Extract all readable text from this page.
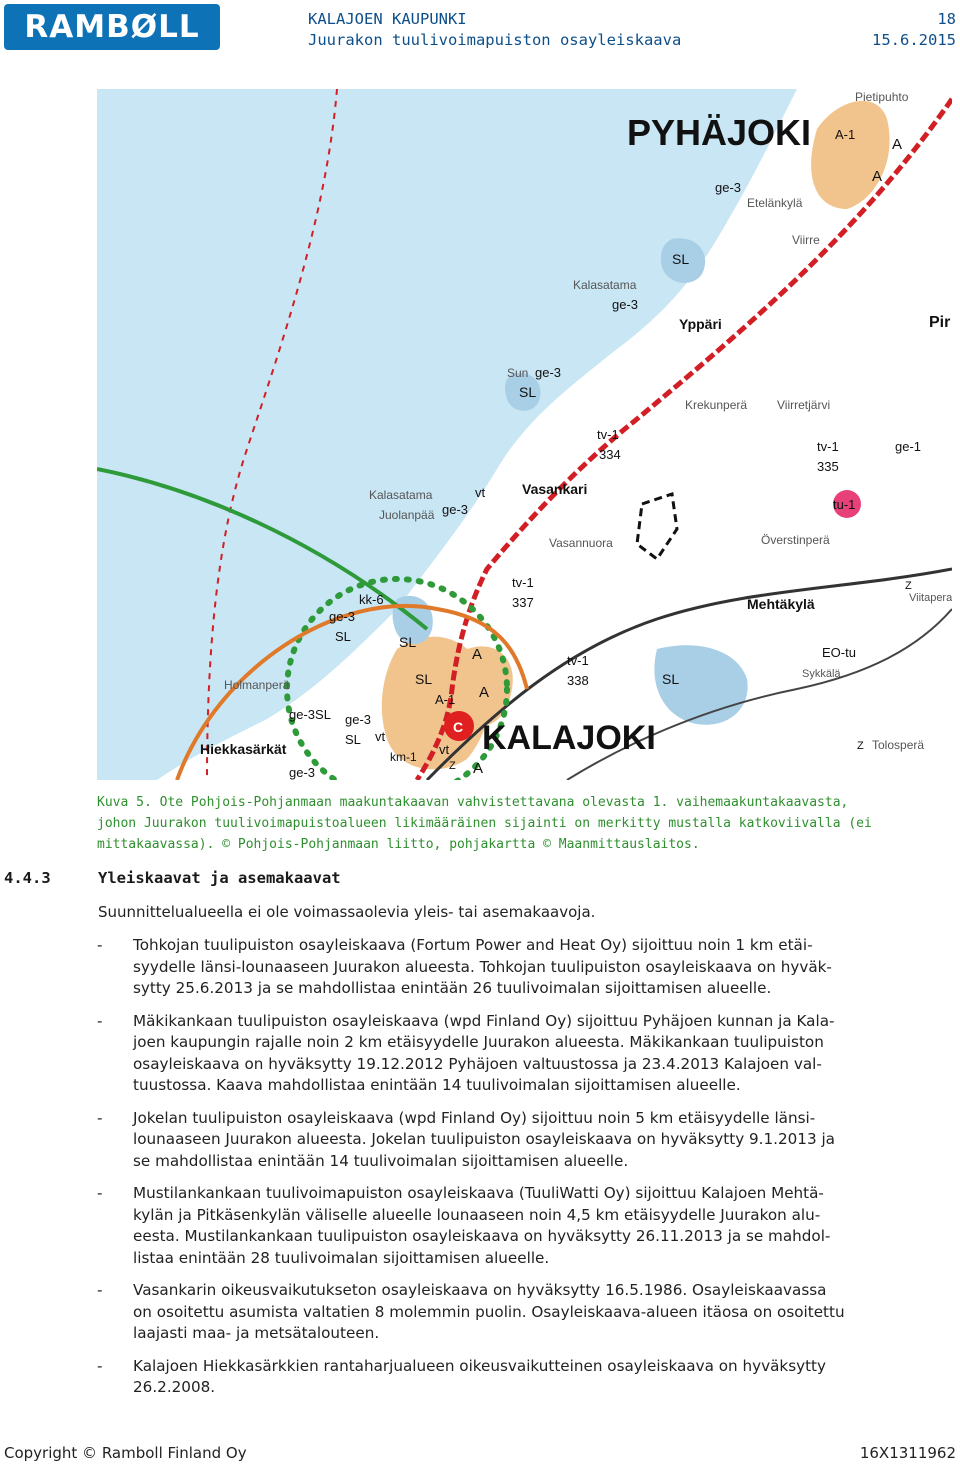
RAMBØLL	KALAJOEN KAUPUNKI
Juurakon tuulivoimapuiston osayleiskaava
18
15.6.2015
PYHÄJOKI
KALAJOKI
Pietipuhto
A-1
A
A
ge-3
Etelänkylä
Viirre
SL
Kalasatama
ge-3
Yppäri	Pir
Sun ge-3
SL
Krekunperä Viirretjärvi
tv-1
334
tv-1
335
ge-1
Kalasatama
Juolanpää ge-3
vt	Vasankari
tu-1
Vasannuora	Överstinperä
tv-1
337	Mehtäkylä	Viitapera
kk-6
ge-3
SL	SL
A	tv-1
338	SL
EO-tu
Sykkälä
Holmanperä	SL
A-1 A
ge-3SL ge-3
SL
C
vt
Hiekkasärkät	km-1 vt
Z A
ge-3
Tolosperä
Z
Z
Kuva 5. Ote Pohjois-Pohjanmaan maakuntakaavan vahvistettavana olevasta 1. vaihemaakuntakaavasta,
johon Juurakon tuulivoimapuistoalueen likimääräinen sijainti on merkitty mustalla katkoviivalla (ei
mittakaavassa). © Pohjois-Pohjanmaan liitto, pohjakartta © Maanmittauslaitos.
4.4.3	Yleiskaavat ja asemakaavat
Suunnittelualueella ei ole voimassaolevia yleis- tai asemakaavoja.
- Tohkojan tuulipuiston osayleiskaava (Fortum Power and Heat Oy) sijoittuu noin 1 km etäi-
syydelle länsi-lounaaseen Juurakon alueesta. Tohkojan tuulipuiston osayleiskaava on hyväk-
sytty 25.6.2013 ja se mahdollistaa enintään 26 tuulivoimalan sijoittamisen alueelle.
- Mäkikankaan tuulipuiston osayleiskaava (wpd Finland Oy) sijoittuu Pyhäjoen kunnan ja Kala-
joen kaupungin rajalle noin 2 km etäisyydelle Juurakon alueesta. Mäkikankaan tuulipuiston
osayleiskaava on hyväksytty 19.12.2012 Pyhäjoen valtuustossa ja 23.4.2013 Kalajoen val-
tuustossa. Kaava mahdollistaa enintään 14 tuulivoimalan sijoittamisen alueelle.
- Jokelan tuulipuiston osayleiskaava (wpd Finland Oy) sijoittuu noin 5 km etäisyydelle länsi-
lounaaseen Juurakon alueesta. Jokelan tuulipuiston osayleiskaava on hyväksytty 9.1.2013 ja
se mahdollistaa enintään 14 tuulivoimalan sijoittamisen alueelle.
- Mustilankankaan tuulivoimapuiston osayleiskaava (TuuliWatti Oy) sijoittuu Kalajoen Mehtä-
kylän ja Pitkäsenkylän väliselle alueelle lounaaseen noin 4,5 km etäisyydelle Juurakon alu-
eesta. Mustilankankaan tuulipuiston osayleiskaava on hyväksytty 26.11.2013 ja se mahdol-
listaa enintään 28 tuulivoimalan sijoittamisen alueelle.
- Vasankarin oikeusvaikutukseton osayleiskaava on hyväksytty 16.5.1986. Osayleiskaavassa
on osoitettu asumista valtatien 8 molemmin puolin. Osayleiskaava-alueen itäosa on osoitettu
laajasti maa- ja metsätalouteen.
- Kalajoen Hiekkasärkkien rantaharjualueen oikeusvaikutteinen osayleiskaava on hyväksytty
26.2.2008.
Copyright © Ramboll Finland Oy	16X1311962
